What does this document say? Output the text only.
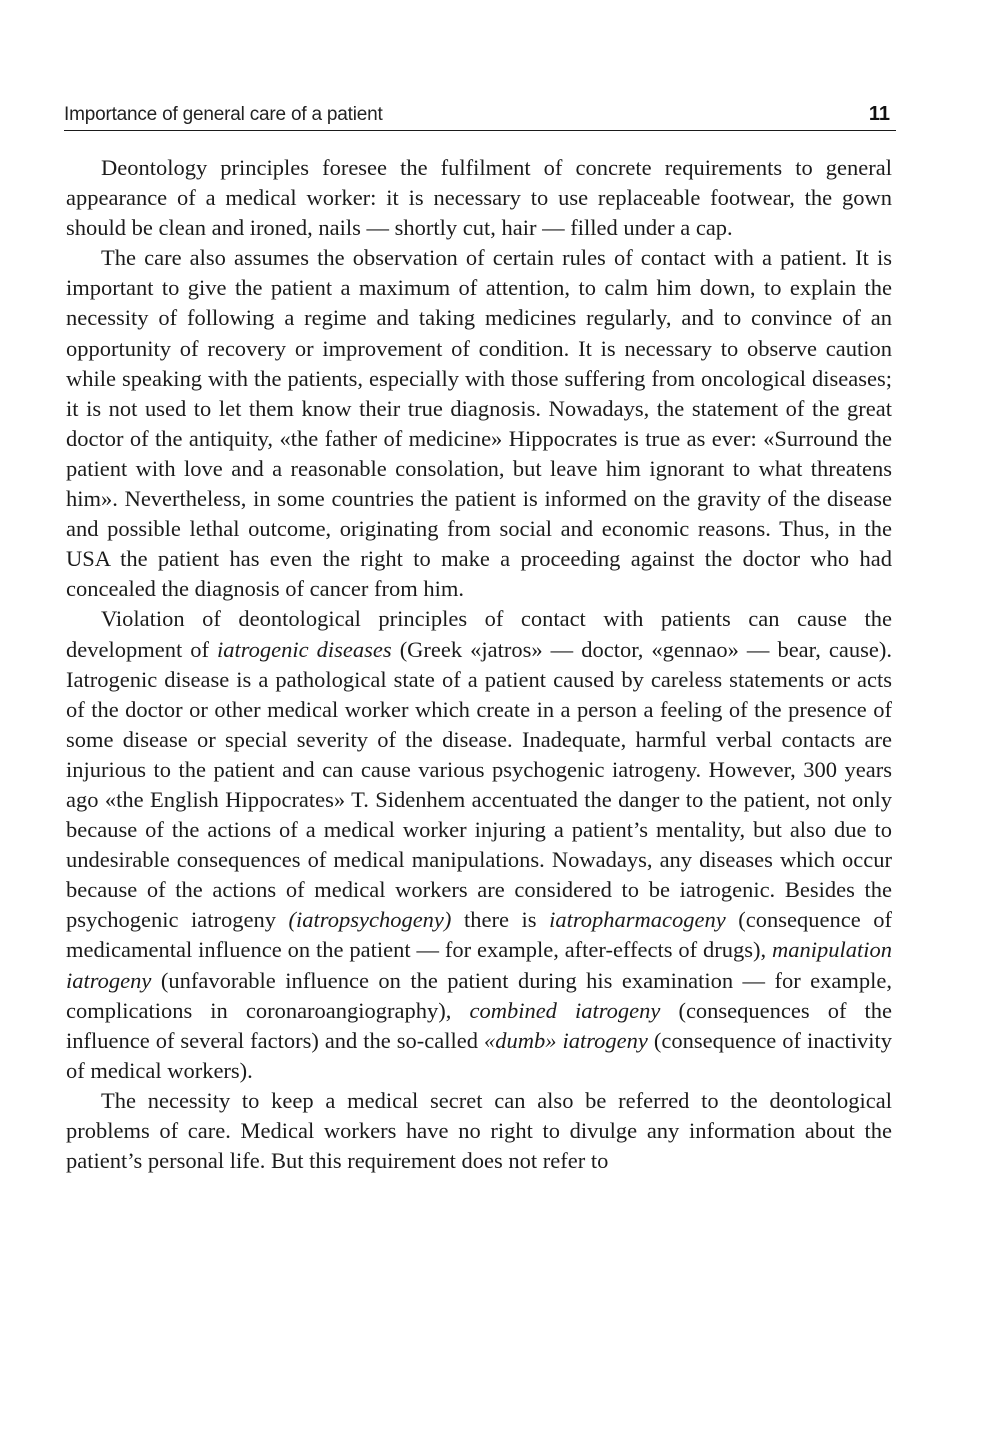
Importance of general care of a patient	11

Deontology principles foresee the fulfilment of concrete requirements to general appearance of a medical worker: it is necessary to use replaceable footwear, the gown should be clean and ironed, nails — shortly cut, hair — filled under a cap.

The care also assumes the observation of certain rules of contact with a patient. It is important to give the patient a maximum of attention, to calm him down, to explain the necessity of following a regime and taking medicines regularly, and to convince of an opportunity of recovery or improvement of condition. It is necessary to observe caution while speaking with the patients, especially with those suffering from oncological diseases; it is not used to let them know their true diagnosis. Nowadays, the statement of the great doctor of the antiquity, «the father of medicine» Hippocrates is true as ever: «Surround the patient with love and a reasonable consolation, but leave him ignorant to what threatens him». Nevertheless, in some countries the patient is informed on the gravity of the disease and possible lethal outcome, originating from social and economic reasons. Thus, in the USA the patient has even the right to make a proceeding against the doctor who had concealed the diagnosis of cancer from him.

Violation of deontological principles of contact with patients can cause the development of iatrogenic diseases (Greek «jatros» — doctor, «gennao» — bear, cause). Iatrogenic disease is a pathological state of a patient caused by careless statements or acts of the doctor or other medical worker which create in a person a feeling of the presence of some disease or special severity of the disease. Inadequate, harmful verbal contacts are injurious to the patient and can cause various psychogenic iatrogeny. However, 300 years ago «the English Hippocrates» T. Sidenhem accentuated the danger to the patient, not only because of the actions of a medical worker injuring a patient’s mentality, but also due to undesirable consequences of medical manipulations. Nowadays, any diseases which occur because of the actions of medical workers are considered to be iatrogenic. Besides the psychogenic iatrogeny (iatropsychogeny) there is iatropharmacogeny (consequence of medicamental influence on the patient — for example, after-effects of drugs), manipulation iatrogeny (unfavorable influence on the patient during his examination — for example, complications in coronaroangiography), combined iatrogeny (consequences of the influence of several factors) and the so-called «dumb» iatrogeny (consequence of inactivity of medical workers).

The necessity to keep a medical secret can also be referred to the deontological problems of care. Medical workers have no right to divulge any information about the patient’s personal life. But this requirement does not refer to
